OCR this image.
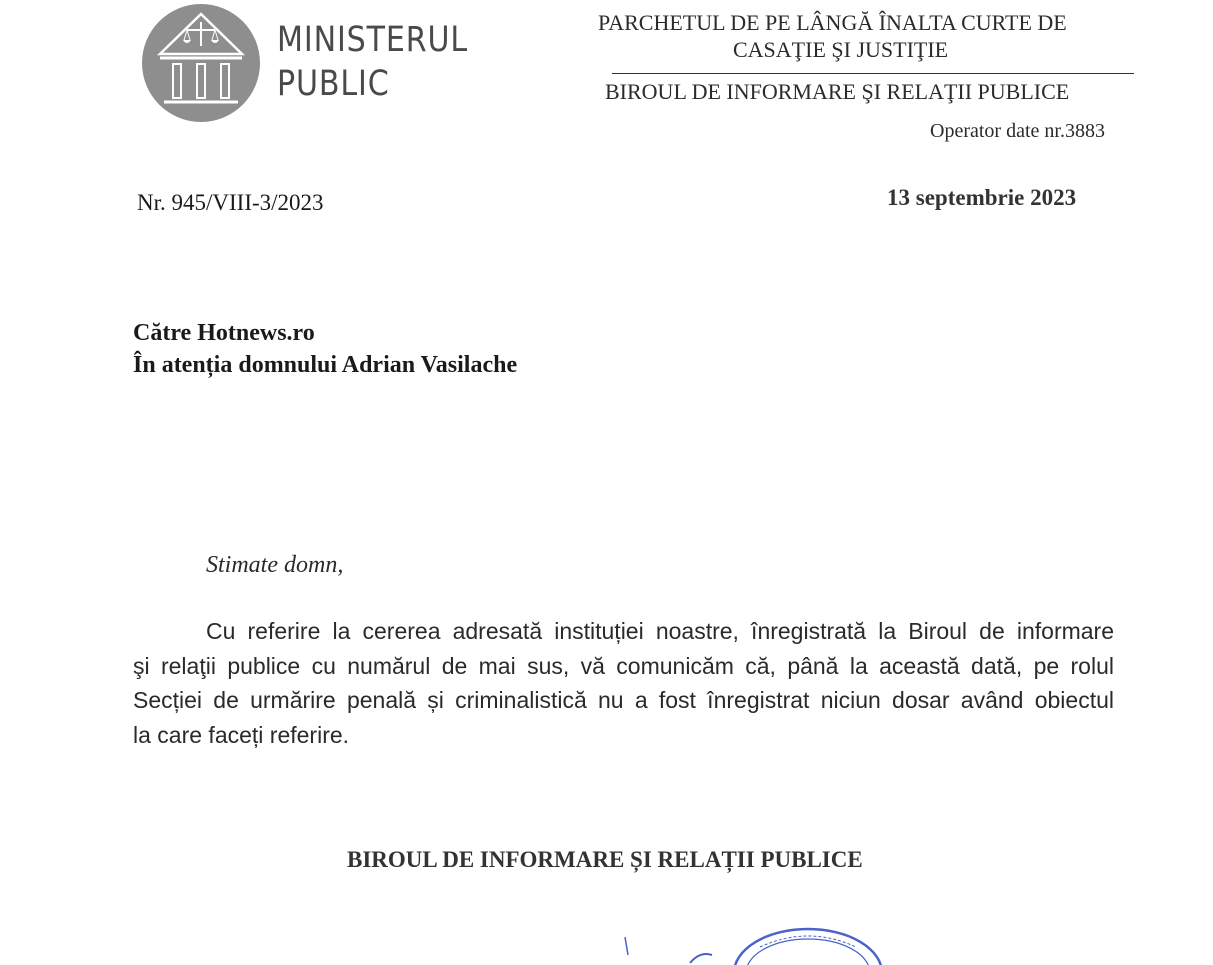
MINISTERUL
PUBLIC
PARCHETUL DE PE LÂNGĂ ÎNALTA CURTE DE
CASAŢIE ŞI JUSTIŢIE
BIROUL DE INFORMARE ŞI RELAŢII PUBLICE
Operator date nr.3883
Nr. 945/VIII-3/2023	13 septembrie 2023
Către Hotnews.ro
În atenția domnului Adrian Vasilache
Stimate domn,
Cu referire la cererea adresată instituției noastre, înregistrată la Biroul de informare
şi relaţii publice cu numărul de mai sus, vă comunicăm că, până la această dată, pe rolul
Secției de urmărire penală și criminalistică nu a fost înregistrat niciun dosar având obiectul
la care faceți referire.
BIROUL DE INFORMARE ȘI RELAȚII PUBLICE
